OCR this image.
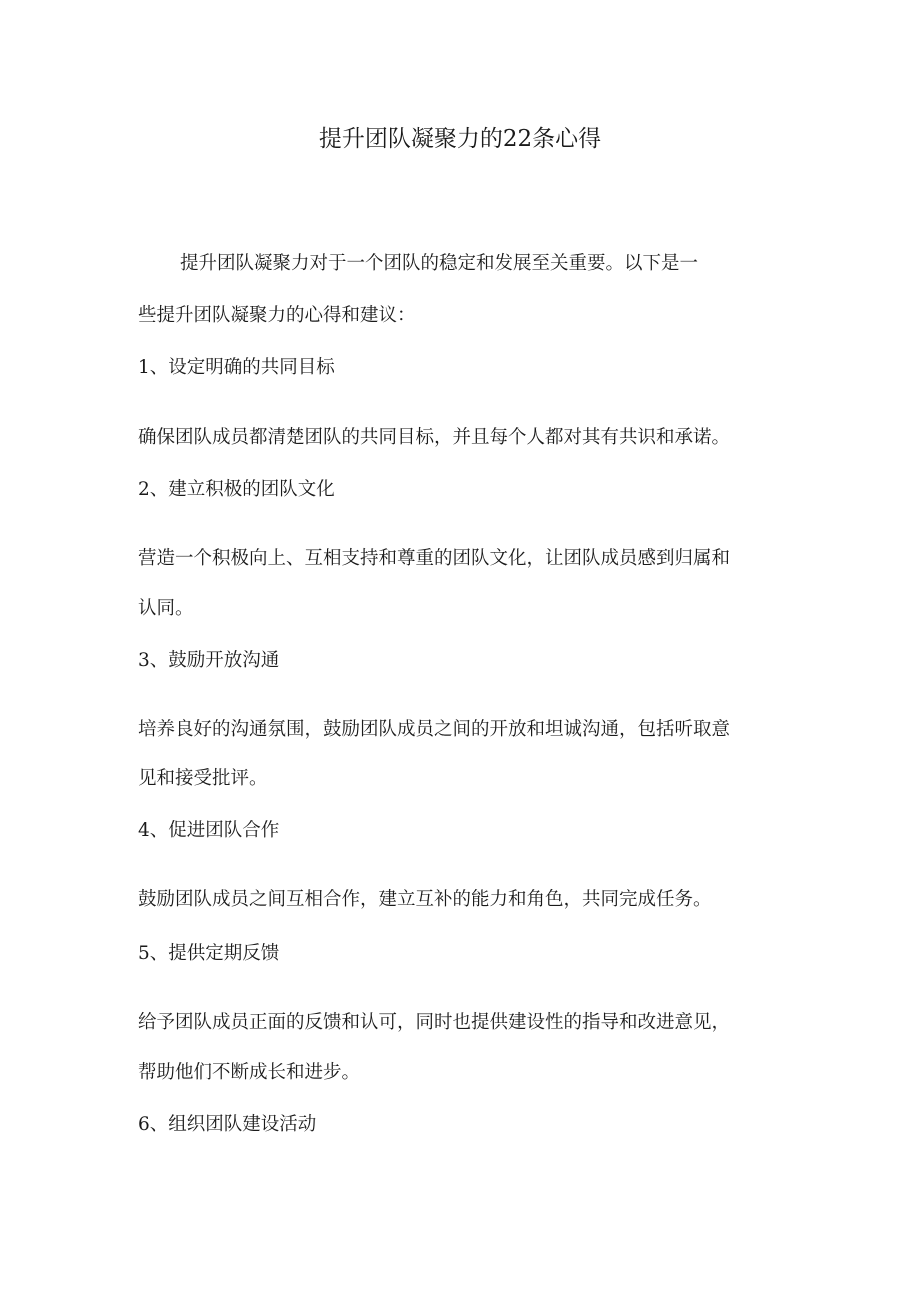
提升团队凝聚力的22条心得

提升团队凝聚力对于一个团队的稳定和发展至关重要。以下是一

些提升团队凝聚力的心得和建议：

1、设定明确的共同目标

确保团队成员都清楚团队的共同目标，并且每个人都对其有共识和承诺。

2、建立积极的团队文化

营造一个积极向上、互相支持和尊重的团队文化，让团队成员感到归属和

认同。

3、鼓励开放沟通

培养良好的沟通氛围，鼓励团队成员之间的开放和坦诚沟通，包括听取意

见和接受批评。

4、促进团队合作

鼓励团队成员之间互相合作，建立互补的能力和角色，共同完成任务。

5、提供定期反馈

给予团队成员正面的反馈和认可，同时也提供建设性的指导和改进意见，

帮助他们不断成长和进步。

6、组织团队建设活动
